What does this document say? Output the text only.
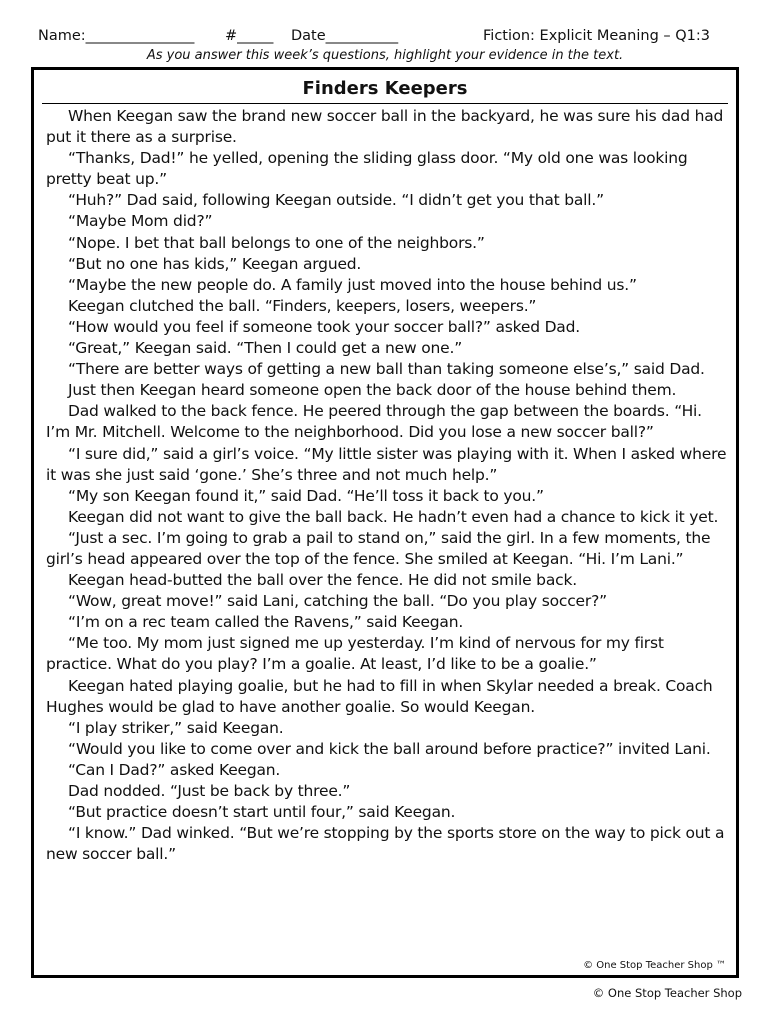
Name:_______________ #_____ Date__________	Fiction: Explicit Meaning – Q1:3
As you answer this week’s questions, highlight your evidence in the text.
Finders Keepers

When Keegan saw the brand new soccer ball in the backyard, he was sure his dad had put it there as a surprise.

“Thanks, Dad!” he yelled, opening the sliding glass door. “My old one was looking pretty beat up.”

“Huh?” Dad said, following Keegan outside. “I didn’t get you that ball.”

“Maybe Mom did?”

“Nope. I bet that ball belongs to one of the neighbors.”

“But no one has kids,” Keegan argued.

“Maybe the new people do. A family just moved into the house behind us.”

Keegan clutched the ball. “Finders, keepers, losers, weepers.”

“How would you feel if someone took your soccer ball?” asked Dad.

“Great,” Keegan said. “Then I could get a new one.”

“There are better ways of getting a new ball than taking someone else’s,” said Dad.

Just then Keegan heard someone open the back door of the house behind them.

Dad walked to the back fence. He peered through the gap between the boards. “Hi. I’m Mr. Mitchell. Welcome to the neighborhood. Did you lose a new soccer ball?”

“I sure did,” said a girl’s voice. “My little sister was playing with it. When I asked where it was she just said ‘gone.’ She’s three and not much help.”

“My son Keegan found it,” said Dad. “He’ll toss it back to you.”

Keegan did not want to give the ball back. He hadn’t even had a chance to kick it yet.

“Just a sec. I’m going to grab a pail to stand on,” said the girl. In a few moments, the girl’s head appeared over the top of the fence. She smiled at Keegan. “Hi. I’m Lani.”

Keegan head-butted the ball over the fence. He did not smile back.

“Wow, great move!” said Lani, catching the ball. “Do you play soccer?”

“I’m on a rec team called the Ravens,” said Keegan.

“Me too. My mom just signed me up yesterday. I’m kind of nervous for my first practice. What do you play? I’m a goalie. At least, I’d like to be a goalie.”

Keegan hated playing goalie, but he had to fill in when Skylar needed a break. Coach Hughes would be glad to have another goalie. So would Keegan.

“I play striker,” said Keegan.

“Would you like to come over and kick the ball around before practice?” invited Lani.

“Can I Dad?” asked Keegan.

Dad nodded. “Just be back by three.”

“But practice doesn’t start until four,” said Keegan.

“I know.” Dad winked. “But we’re stopping by the sports store on the way to pick out a new soccer ball.”

© One Stop Teacher Shop ™
© One Stop Teacher Shop
